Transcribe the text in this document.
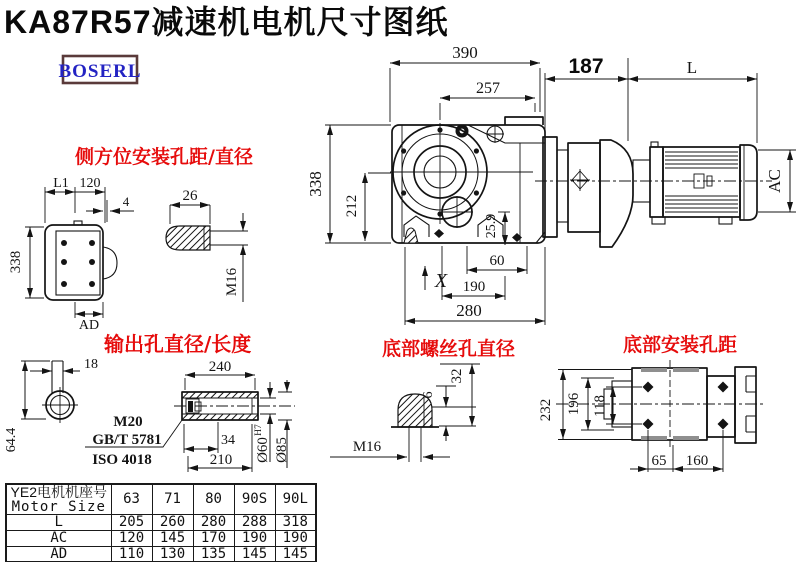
KA87R57减速机电机尺寸图纸
BOSERL
侧方位安装孔距/直径
输出孔直径/长度	底部螺丝孔直径	底部安装孔距
390
257
338
212
25.9
60
190
280
X
187	L
AC
L1 120
4
338
AD
26
M16
18
64.4
240
34
210 Ø60
H7
Ø85
M20
GB/T 5781
ISO 4018
32
6
M16
232 196 118
65 160
YE2电机机座号
Motor Size	63	71	80	90S	90L
L	205	260	280	288	318
AC	120	145	170	190	190
AD	110	130	135	145	145
